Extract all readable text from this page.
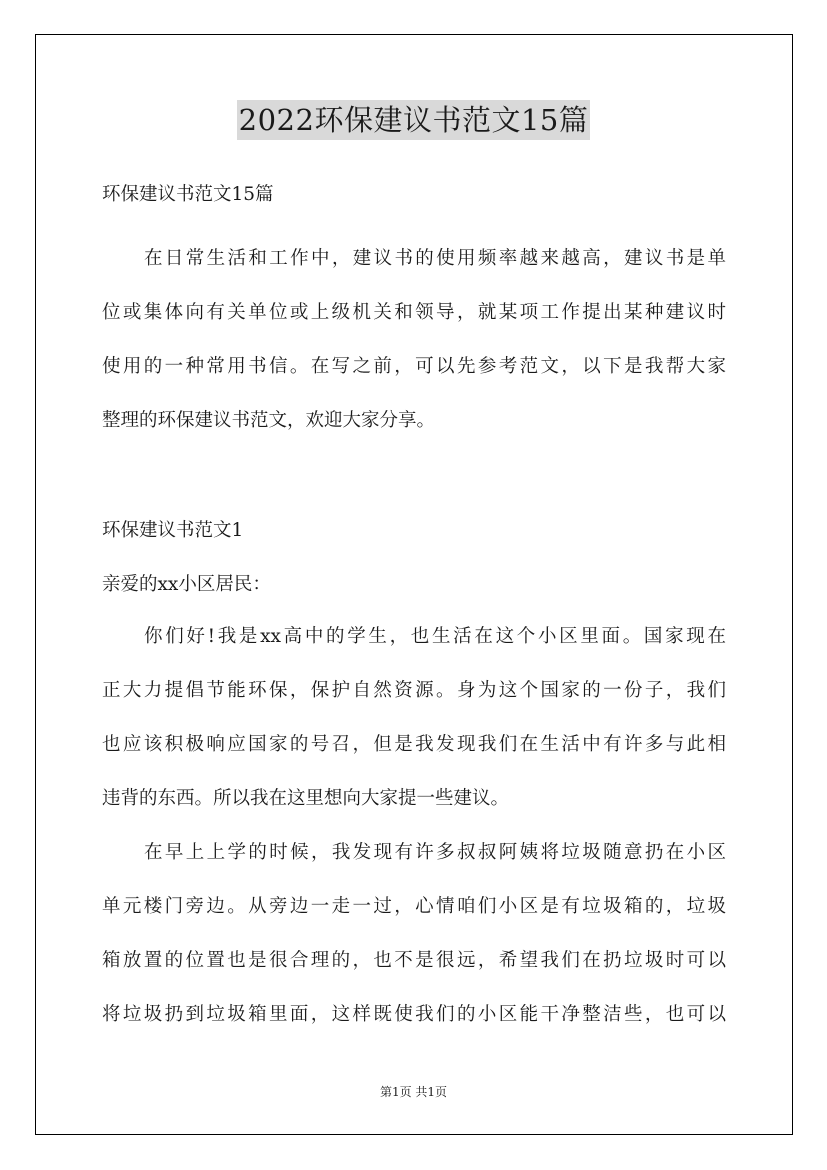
2022环保建议书范文15篇
环保建议书范文15篇
在日常生活和工作中，建议书的使用频率越来越高，建议书是单
位或集体向有关单位或上级机关和领导，就某项工作提出某种建议时
使用的一种常用书信。在写之前，可以先参考范文，以下是我帮大家
整理的环保建议书范文，欢迎大家分享。
环保建议书范文1
亲爱的xx小区居民：
你们好!我是xx高中的学生，也生活在这个小区里面。国家现在
正大力提倡节能环保，保护自然资源。身为这个国家的一份子，我们
也应该积极响应国家的号召，但是我发现我们在生活中有许多与此相
违背的东西。所以我在这里想向大家提一些建议。
在早上上学的时候，我发现有许多叔叔阿姨将垃圾随意扔在小区
单元楼门旁边。从旁边一走一过，心情咱们小区是有垃圾箱的，垃圾
箱放置的位置也是很合理的，也不是很远，希望我们在扔垃圾时可以
将垃圾扔到垃圾箱里面，这样既使我们的小区能干净整洁些，也可以
第1页 共1页
